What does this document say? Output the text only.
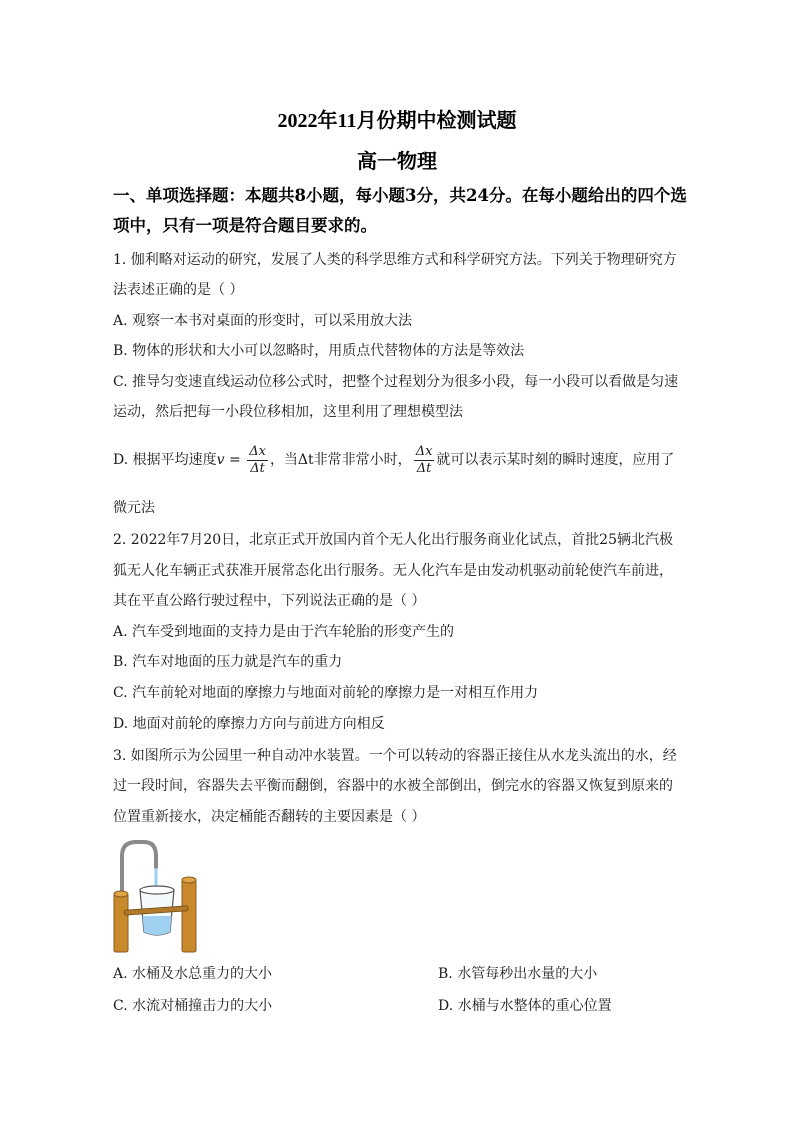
2022年11月份期中检测试题
高一物理
一、单项选择题：本题共8小题，每小题3分，共24分。在每小题给出的四个选
项中，只有一项是符合题目要求的。
1. 伽利略对运动的研究，发展了人类的科学思维方式和科学研究方法。下列关于物理研究方
法表述正确的是（ ）
A. 观察一本书对桌面的形变时，可以采用放大法
B. 物体的形状和大小可以忽略时，用质点代替物体的方法是等效法
C. 推导匀变速直线运动位移公式时，把整个过程划分为很多小段，每一小段可以看做是匀速
运动，然后把每一小段位移相加，这里利用了理想模型法
D. 根据平均速度$v = \frac{\Delta x}{\Delta t}$ ，当Δt非常非常小时， $\frac{\Delta x}{\Delta t}$ 就可以表示某时刻的瞬时速度，应用了
微元法
2. 2022年7月20日，北京正式开放国内首个无人化出行服务商业化试点，首批25辆北汽极
狐无人化车辆正式获准开展常态化出行服务。无人化汽车是由发动机驱动前轮使汽车前进，
其在平直公路行驶过程中，下列说法正确的是（ ）
A. 汽车受到地面的支持力是由于汽车轮胎的形变产生的
B. 汽车对地面的压力就是汽车的重力
C. 汽车前轮对地面的摩擦力与地面对前轮的摩擦力是一对相互作用力
D. 地面对前轮的摩擦力方向与前进方向相反
3. 如图所示为公园里一种自动冲水装置。一个可以转动的容器正接住从水龙头流出的水，经
过一段时间，容器失去平衡而翻倒，容器中的水被全部倒出，倒完水的容器又恢复到原来的
位置重新接水，决定桶能否翻转的主要因素是（ ）
A. 水桶及水总重力的大小	B. 水管每秒出水量的大小
C. 水流对桶撞击力的大小	D. 水桶与水整体的重心位置
